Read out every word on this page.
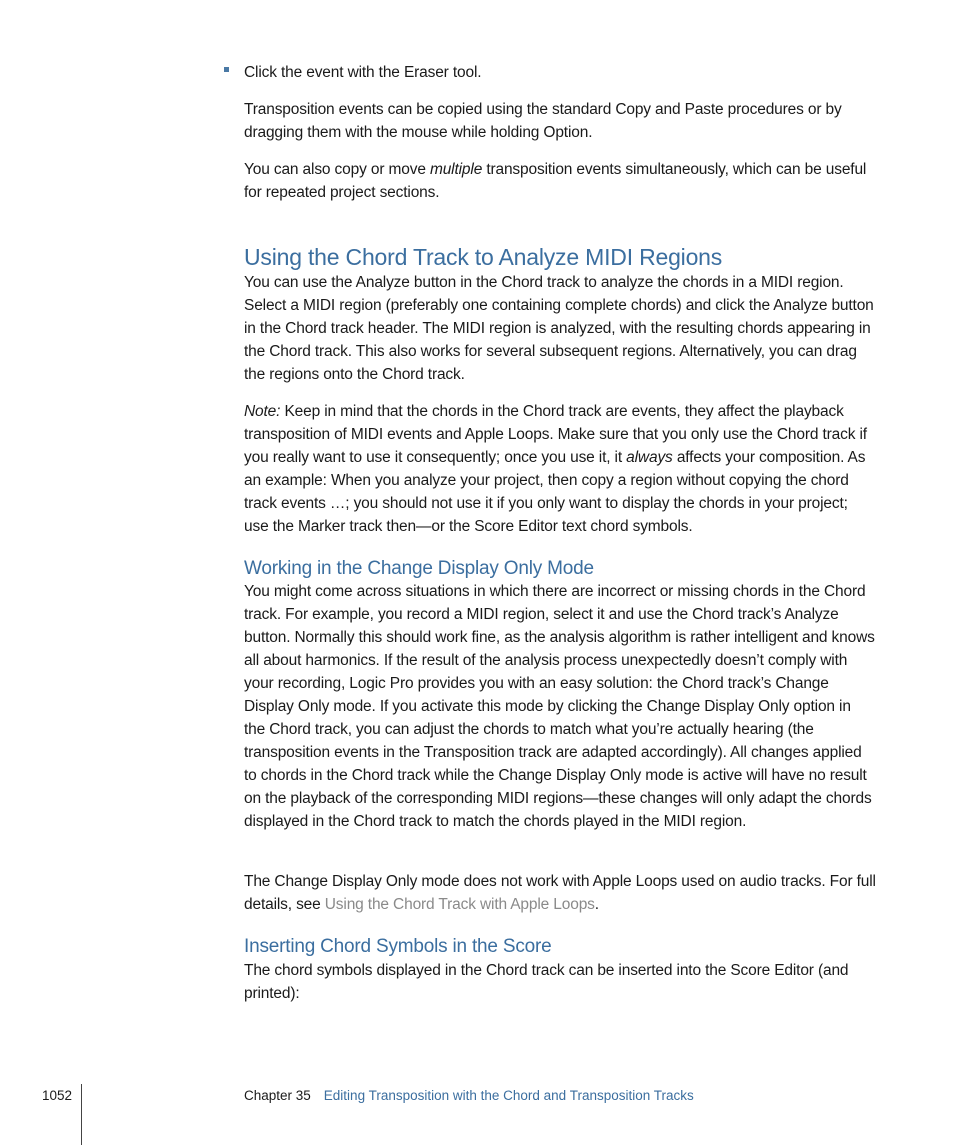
Click the event with the Eraser tool.

Transposition events can be copied using the standard Copy and Paste procedures or by dragging them with the mouse while holding Option.

You can also copy or move multiple transposition events simultaneously, which can be useful for repeated project sections.

Using the Chord Track to Analyze MIDI Regions

You can use the Analyze button in the Chord track to analyze the chords in a MIDI region. Select a MIDI region (preferably one containing complete chords) and click the Analyze button in the Chord track header. The MIDI region is analyzed, with the resulting chords appearing in the Chord track. This also works for several subsequent regions. Alternatively, you can drag the regions onto the Chord track.

Note: Keep in mind that the chords in the Chord track are events, they affect the playback transposition of MIDI events and Apple Loops. Make sure that you only use the Chord track if you really want to use it consequently; once you use it, it always affects your composition. As an example: When you analyze your project, then copy a region without copying the chord track events …; you should not use it if you only want to display the chords in your project; use the Marker track then—or the Score Editor text chord symbols.

Working in the Change Display Only Mode

You might come across situations in which there are incorrect or missing chords in the Chord track. For example, you record a MIDI region, select it and use the Chord track’s Analyze button. Normally this should work fine, as the analysis algorithm is rather intelligent and knows all about harmonics. If the result of the analysis process unexpectedly doesn’t comply with your recording, Logic Pro provides you with an easy solution: the Chord track’s Change Display Only mode. If you activate this mode by clicking the Change Display Only option in the Chord track, you can adjust the chords to match what you’re actually hearing (the transposition events in the Transposition track are adapted accordingly). All changes applied to chords in the Chord track while the Change Display Only mode is active will have no result on the playback of the corresponding MIDI regions—these changes will only adapt the chords displayed in the Chord track to match the chords played in the MIDI region.

The Change Display Only mode does not work with Apple Loops used on audio tracks. For full details, see Using the Chord Track with Apple Loops.

Inserting Chord Symbols in the Score

The chord symbols displayed in the Chord track can be inserted into the Score Editor (and printed):

1052	Chapter 35 Editing Transposition with the Chord and Transposition Tracks
